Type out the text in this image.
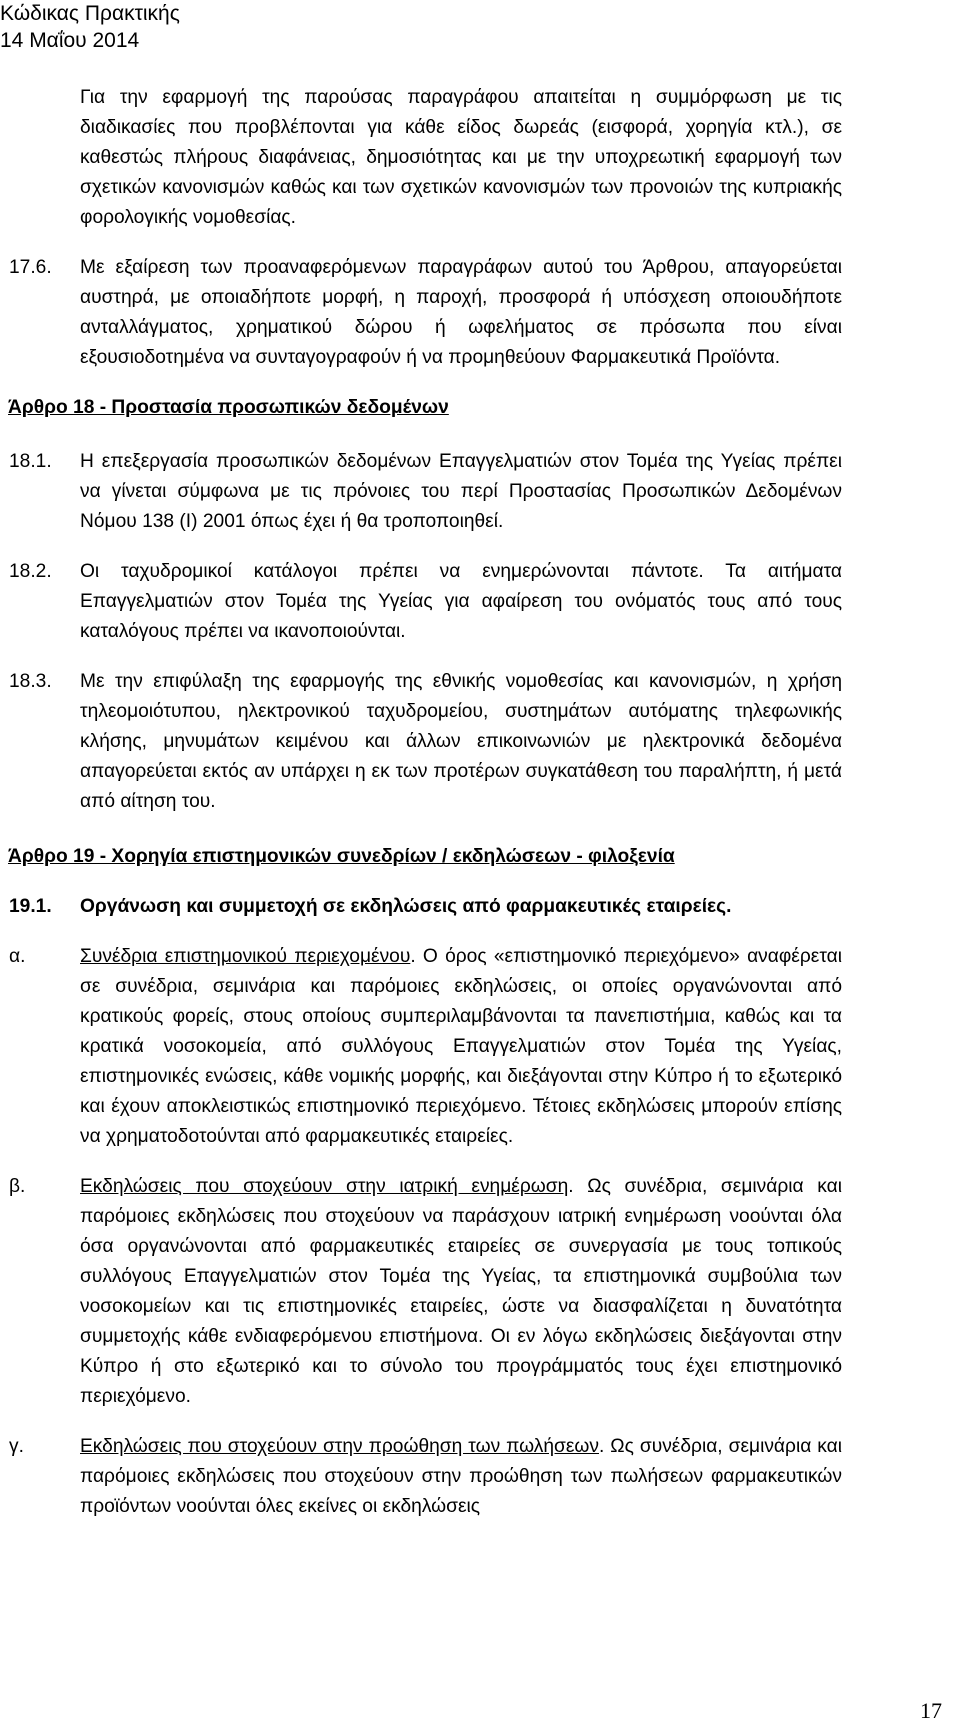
Κώδικας Πρακτικής
14 Μαΐου 2014
Για την εφαρμογή της παρούσας παραγράφου απαιτείται η συμμόρφωση με τις διαδικασίες που προβλέπονται για κάθε είδος δωρεάς (εισφορά, χορηγία κτλ.), σε καθεστώς πλήρους διαφάνειας, δημοσιότητας και με την υποχρεωτική εφαρμογή των σχετικών κανονισμών καθώς και των σχετικών κανονισμών των προνοιών της κυπριακής φορολογικής νομοθεσίας.
17.6. Με εξαίρεση των προαναφερόμενων παραγράφων αυτού του Άρθρου, απαγορεύεται αυστηρά, με οποιαδήποτε μορφή, η παροχή, προσφορά ή υπόσχεση οποιουδήποτε ανταλλάγματος, χρηματικού δώρου ή ωφελήματος σε πρόσωπα που είναι εξουσιοδοτημένα να συνταγογραφούν ή να προμηθεύουν Φαρμακευτικά Προϊόντα.
Άρθρο 18 - Προστασία προσωπικών δεδομένων
18.1. Η επεξεργασία προσωπικών δεδομένων Επαγγελματιών στον Τομέα της Υγείας πρέπει να γίνεται σύμφωνα με τις πρόνοιες του περί Προστασίας Προσωπικών Δεδομένων Νόμου 138 (Ι) 2001 όπως έχει ή θα τροποποιηθεί.
18.2. Οι ταχυδρομικοί κατάλογοι πρέπει να ενημερώνονται πάντοτε. Τα αιτήματα Επαγγελματιών στον Τομέα της Υγείας για αφαίρεση του ονόματός τους από τους καταλόγους πρέπει να ικανοποιούνται.
18.3. Με την επιφύλαξη της εφαρμογής της εθνικής νομοθεσίας και κανονισμών, η χρήση τηλεομοιότυπου, ηλεκτρονικού ταχυδρομείου, συστημάτων αυτόματης τηλεφωνικής κλήσης, μηνυμάτων κειμένου και άλλων επικοινωνιών με ηλεκτρονικά δεδομένα απαγορεύεται εκτός αν υπάρχει η εκ των προτέρων συγκατάθεση του παραλήπτη, ή μετά από αίτηση του.
Άρθρο 19 - Χορηγία επιστημονικών συνεδρίων / εκδηλώσεων - φιλοξενία
19.1. Οργάνωση και συμμετοχή σε εκδηλώσεις από φαρμακευτικές εταιρείες.
α.	Συνέδρια επιστημονικού περιεχομένου. Ο όρος «επιστημονικό περιεχόμενο» αναφέρεται σε συνέδρια, σεμινάρια και παρόμοιες εκδηλώσεις, οι οποίες οργανώνονται από κρατικούς φορείς, στους οποίους συμπεριλαμβάνονται τα πανεπιστήμια, καθώς και τα κρατικά νοσοκομεία, από συλλόγους Επαγγελματιών στον Τομέα της Υγείας, επιστημονικές ενώσεις, κάθε νομικής μορφής, και διεξάγονται στην Κύπρο ή το εξωτερικό και έχουν αποκλειστικώς επιστημονικό περιεχόμενο. Τέτοιες εκδηλώσεις μπορούν επίσης να χρηματοδοτούνται από φαρμακευτικές εταιρείες.
β.	Εκδηλώσεις που στοχεύουν στην ιατρική ενημέρωση. Ως συνέδρια, σεμινάρια και παρόμοιες εκδηλώσεις που στοχεύουν να παράσχουν ιατρική ενημέρωση νοούνται όλα όσα οργανώνονται από φαρμακευτικές εταιρείες σε συνεργασία με τους τοπικούς συλλόγους Επαγγελματιών στον Τομέα της Υγείας, τα επιστημονικά συμβούλια των νοσοκομείων και τις επιστημονικές εταιρείες, ώστε να διασφαλίζεται η δυνατότητα συμμετοχής κάθε ενδιαφερόμενου επιστήμονα. Οι εν λόγω εκδηλώσεις διεξάγονται στην Κύπρο ή στο εξωτερικό και το σύνολο του προγράμματός τους έχει επιστημονικό περιεχόμενο.
γ.	Εκδηλώσεις που στοχεύουν στην προώθηση των πωλήσεων. Ως συνέδρια, σεμινάρια και παρόμοιες εκδηλώσεις που στοχεύουν στην προώθηση των πωλήσεων φαρμακευτικών προϊόντων νοούνται όλες εκείνες οι εκδηλώσεις
17
